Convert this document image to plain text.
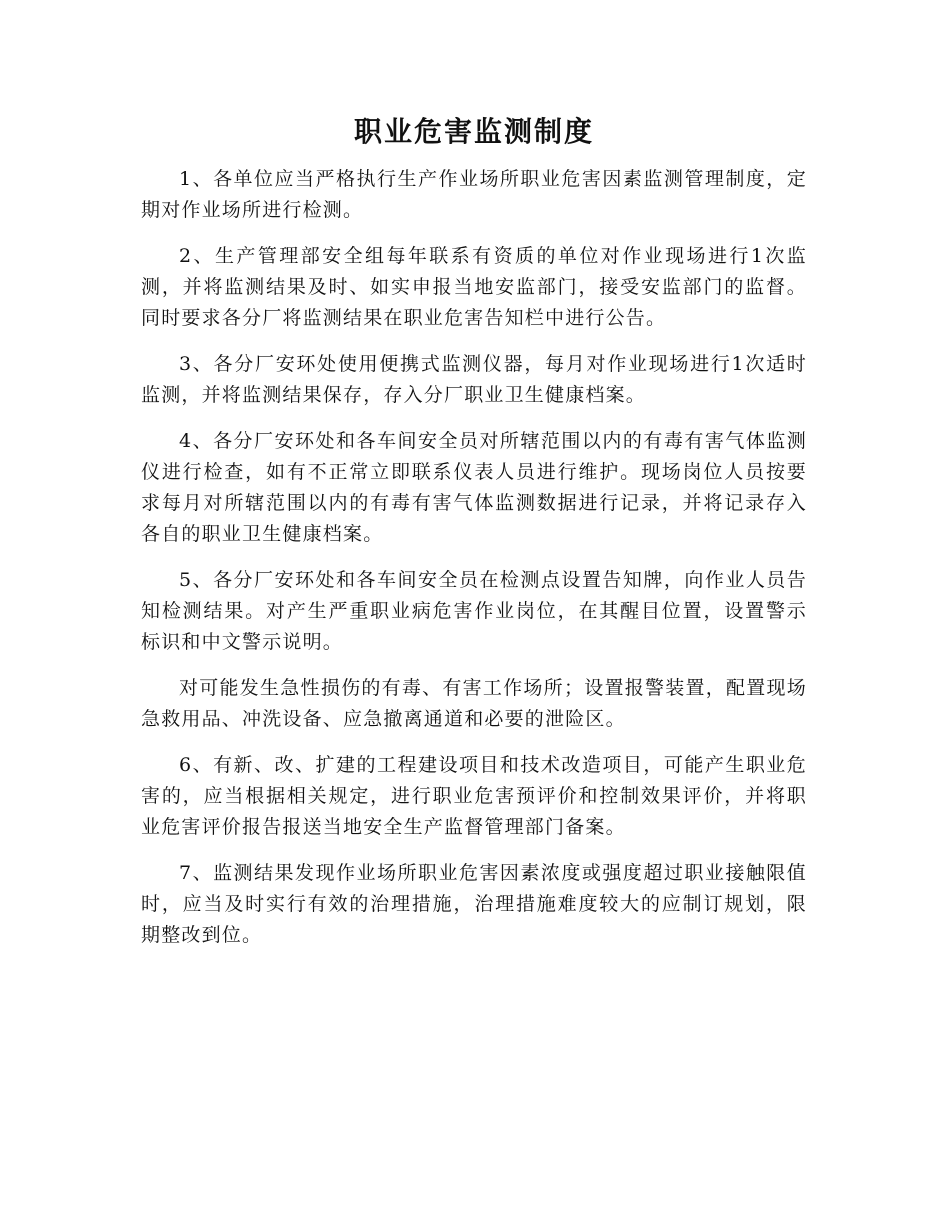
职业危害监测制度

1、各单位应当严格执行生产作业场所职业危害因素监测管理制度，定期对作业场所进行检测。

2、生产管理部安全组每年联系有资质的单位对作业现场进行1次监测，并将监测结果及时、如实申报当地安监部门，接受安监部门的监督。同时要求各分厂将监测结果在职业危害告知栏中进行公告。

3、各分厂安环处使用便携式监测仪器，每月对作业现场进行1次适时监测，并将监测结果保存，存入分厂职业卫生健康档案。

4、各分厂安环处和各车间安全员对所辖范围以内的有毒有害气体监测仪进行检查，如有不正常立即联系仪表人员进行维护。现场岗位人员按要求每月对所辖范围以内的有毒有害气体监测数据进行记录，并将记录存入各自的职业卫生健康档案。

5、各分厂安环处和各车间安全员在检测点设置告知牌，向作业人员告知检测结果。对产生严重职业病危害作业岗位，在其醒目位置，设置警示标识和中文警示说明。

对可能发生急性损伤的有毒、有害工作场所；设置报警装置，配置现场急救用品、冲洗设备、应急撤离通道和必要的泄险区。

6、有新、改、扩建的工程建设项目和技术改造项目，可能产生职业危害的，应当根据相关规定，进行职业危害预评价和控制效果评价，并将职业危害评价报告报送当地安全生产监督管理部门备案。

7、监测结果发现作业场所职业危害因素浓度或强度超过职业接触限值时，应当及时实行有效的治理措施，治理措施难度较大的应制订规划，限期整改到位。
